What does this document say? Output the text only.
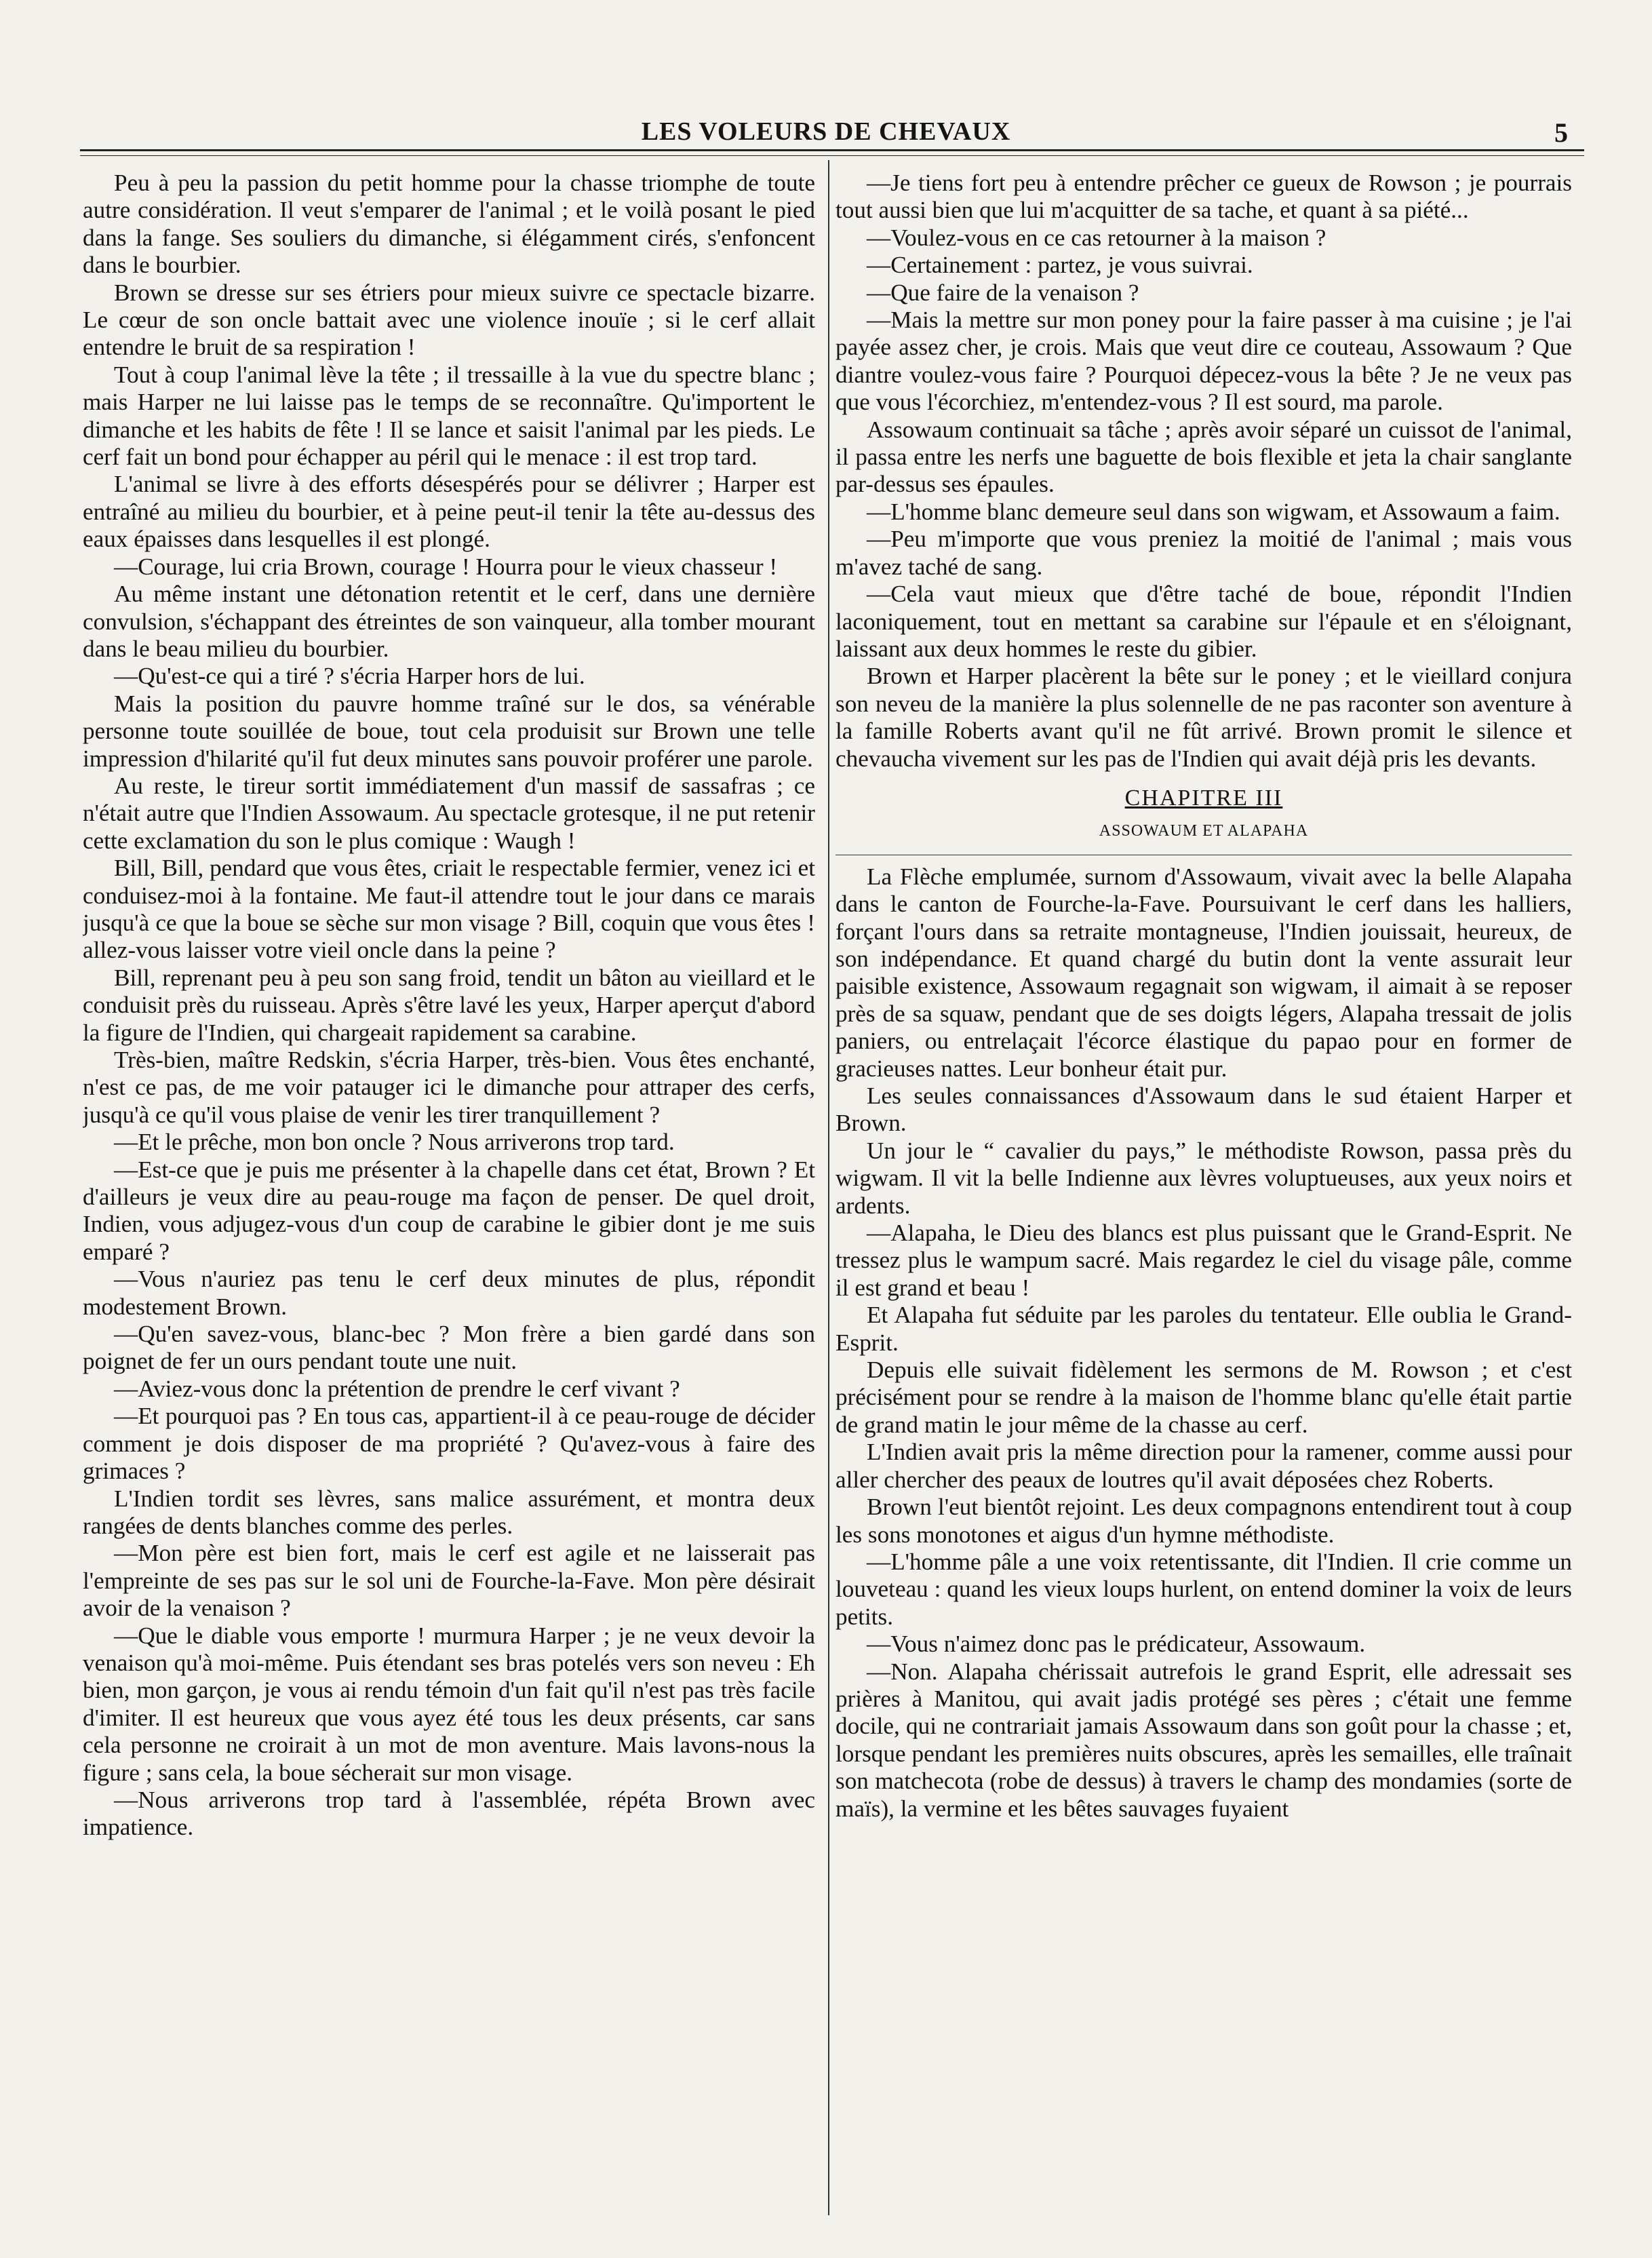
LES VOLEURS DE CHEVAUX	5

Peu à peu la passion du petit homme pour la chasse triomphe de toute autre considération. Il veut s'emparer de l'animal ; et le voilà posant le pied dans la fange. Ses souliers du dimanche, si élégamment cirés, s'enfoncent dans le bourbier.

Brown se dresse sur ses étriers pour mieux suivre ce spectacle bizarre. Le cœur de son oncle battait avec une violence inouïe ; si le cerf allait entendre le bruit de sa respiration !

Tout à coup l'animal lève la tête ; il tressaille à la vue du spectre blanc ; mais Harper ne lui laisse pas le temps de se reconnaître. Qu'importent le dimanche et les habits de fête ! Il se lance et saisit l'animal par les pieds. Le cerf fait un bond pour échapper au péril qui le menace : il est trop tard.

L'animal se livre à des efforts désespérés pour se délivrer ; Harper est entraîné au milieu du bourbier, et à peine peut-il tenir la tête au-dessus des eaux épaisses dans lesquelles il est plongé.

—Courage, lui cria Brown, courage ! Hourra pour le vieux chasseur !

Au même instant une détonation retentit et le cerf, dans une dernière convulsion, s'échappant des étreintes de son vainqueur, alla tomber mourant dans le beau milieu du bourbier.

—Qu'est-ce qui a tiré ? s'écria Harper hors de lui.

Mais la position du pauvre homme traîné sur le dos, sa vénérable personne toute souillée de boue, tout cela produisit sur Brown une telle impression d'hilarité qu'il fut deux minutes sans pouvoir proférer une parole.

Au reste, le tireur sortit immédiatement d'un massif de sassafras ; ce n'était autre que l'Indien Assowaum. Au spectacle grotesque, il ne put retenir cette exclamation du son le plus comique : Waugh !

Bill, Bill, pendard que vous êtes, criait le respectable fermier, venez ici et conduisez-moi à la fontaine. Me faut-il attendre tout le jour dans ce marais jusqu'à ce que la boue se sèche sur mon visage ? Bill, coquin que vous êtes ! allez-vous laisser votre vieil oncle dans la peine ?

Bill, reprenant peu à peu son sang froid, tendit un bâton au vieillard et le conduisit près du ruisseau. Après s'être lavé les yeux, Harper aperçut d'abord la figure de l'Indien, qui chargeait rapidement sa carabine.

Très-bien, maître Redskin, s'écria Harper, très-bien. Vous êtes enchanté, n'est ce pas, de me voir patauger ici le dimanche pour attraper des cerfs, jusqu'à ce qu'il vous plaise de venir les tirer tranquillement ?

—Et le prêche, mon bon oncle ? Nous arriverons trop tard.

—Est-ce que je puis me présenter à la chapelle dans cet état, Brown ? Et d'ailleurs je veux dire au peau-rouge ma façon de penser. De quel droit, Indien, vous adjugez-vous d'un coup de carabine le gibier dont je me suis emparé ?

—Vous n'auriez pas tenu le cerf deux minutes de plus, répondit modestement Brown.

—Qu'en savez-vous, blanc-bec ? Mon frère a bien gardé dans son poignet de fer un ours pendant toute une nuit.

—Aviez-vous donc la prétention de prendre le cerf vivant ?

—Et pourquoi pas ? En tous cas, appartient-il à ce peau-rouge de décider comment je dois disposer de ma propriété ? Qu'avez-vous à faire des grimaces ?

L'Indien tordit ses lèvres, sans malice assurément, et montra deux rangées de dents blanches comme des perles.

—Mon père est bien fort, mais le cerf est agile et ne laisserait pas l'empreinte de ses pas sur le sol uni de Fourche-la-Fave. Mon père désirait avoir de la venaison ?

—Que le diable vous emporte ! murmura Harper ; je ne veux devoir la venaison qu'à moi-même. Puis étendant ses bras potelés vers son neveu : Eh bien, mon garçon, je vous ai rendu témoin d'un fait qu'il n'est pas très facile d'imiter. Il est heureux que vous ayez été tous les deux présents, car sans cela personne ne croirait à un mot de mon aventure. Mais lavons-nous la figure ; sans cela, la boue sécherait sur mon visage.

—Nous arriverons trop tard à l'assemblée, répéta Brown avec impatience.

—Je tiens fort peu à entendre prêcher ce gueux de Rowson ; je pourrais tout aussi bien que lui m'acquitter de sa tache, et quant à sa piété...

—Voulez-vous en ce cas retourner à la maison ?

—Certainement : partez, je vous suivrai.

—Que faire de la venaison ?

—Mais la mettre sur mon poney pour la faire passer à ma cuisine ; je l'ai payée assez cher, je crois. Mais que veut dire ce couteau, Assowaum ? Que diantre voulez-vous faire ? Pourquoi dépecez-vous la bête ? Je ne veux pas que vous l'écorchiez, m'entendez-vous ? Il est sourd, ma parole.

Assowaum continuait sa tâche ; après avoir séparé un cuissot de l'animal, il passa entre les nerfs une baguette de bois flexible et jeta la chair sanglante par-dessus ses épaules.

—L'homme blanc demeure seul dans son wigwam, et Assowaum a faim.

—Peu m'importe que vous preniez la moitié de l'animal ; mais vous m'avez taché de sang.

—Cela vaut mieux que d'être taché de boue, répondit l'Indien laconiquement, tout en mettant sa carabine sur l'épaule et en s'éloignant, laissant aux deux hommes le reste du gibier.

Brown et Harper placèrent la bête sur le poney ; et le vieillard conjura son neveu de la manière la plus solennelle de ne pas raconter son aventure à la famille Roberts avant qu'il ne fût arrivé. Brown promit le silence et chevaucha vivement sur les pas de l'Indien qui avait déjà pris les devants.

CHAPITRE III
ASSOWAUM ET ALAPAHA

La Flèche emplumée, surnom d'Assowaum, vivait avec la belle Alapaha dans le canton de Fourche-la-Fave. Poursuivant le cerf dans les halliers, forçant l'ours dans sa retraite montagneuse, l'Indien jouissait, heureux, de son indépendance. Et quand chargé du butin dont la vente assurait leur paisible existence, Assowaum regagnait son wigwam, il aimait à se reposer près de sa squaw, pendant que de ses doigts légers, Alapaha tressait de jolis paniers, ou entrelaçait l'écorce élastique du papao pour en former de gracieuses nattes. Leur bonheur était pur.

Les seules connaissances d'Assowaum dans le sud étaient Harper et Brown.

Un jour le “ cavalier du pays,” le méthodiste Rowson, passa près du wigwam. Il vit la belle Indienne aux lèvres voluptueuses, aux yeux noirs et ardents.

—Alapaha, le Dieu des blancs est plus puissant que le Grand-Esprit. Ne tressez plus le wampum sacré. Mais regardez le ciel du visage pâle, comme il est grand et beau !

Et Alapaha fut séduite par les paroles du tentateur. Elle oublia le Grand-Esprit.

Depuis elle suivait fidèlement les sermons de M. Rowson ; et c'est précisément pour se rendre à la maison de l'homme blanc qu'elle était partie de grand matin le jour même de la chasse au cerf.

L'Indien avait pris la même direction pour la ramener, comme aussi pour aller chercher des peaux de loutres qu'il avait déposées chez Roberts.

Brown l'eut bientôt rejoint. Les deux compagnons entendirent tout à coup les sons monotones et aigus d'un hymne méthodiste.

—L'homme pâle a une voix retentissante, dit l'Indien. Il crie comme un louveteau : quand les vieux loups hurlent, on entend dominer la voix de leurs petits.

—Vous n'aimez donc pas le prédicateur, Assowaum.

—Non. Alapaha chérissait autrefois le grand Esprit, elle adressait ses prières à Manitou, qui avait jadis protégé ses pères ; c'était une femme docile, qui ne contrariait jamais Assowaum dans son goût pour la chasse ; et, lorsque pendant les premières nuits obscures, après les semailles, elle traînait son matchecota (robe de dessus) à travers le champ des mondamies (sorte de maïs), la vermine et les bêtes sauvages fuyaient
